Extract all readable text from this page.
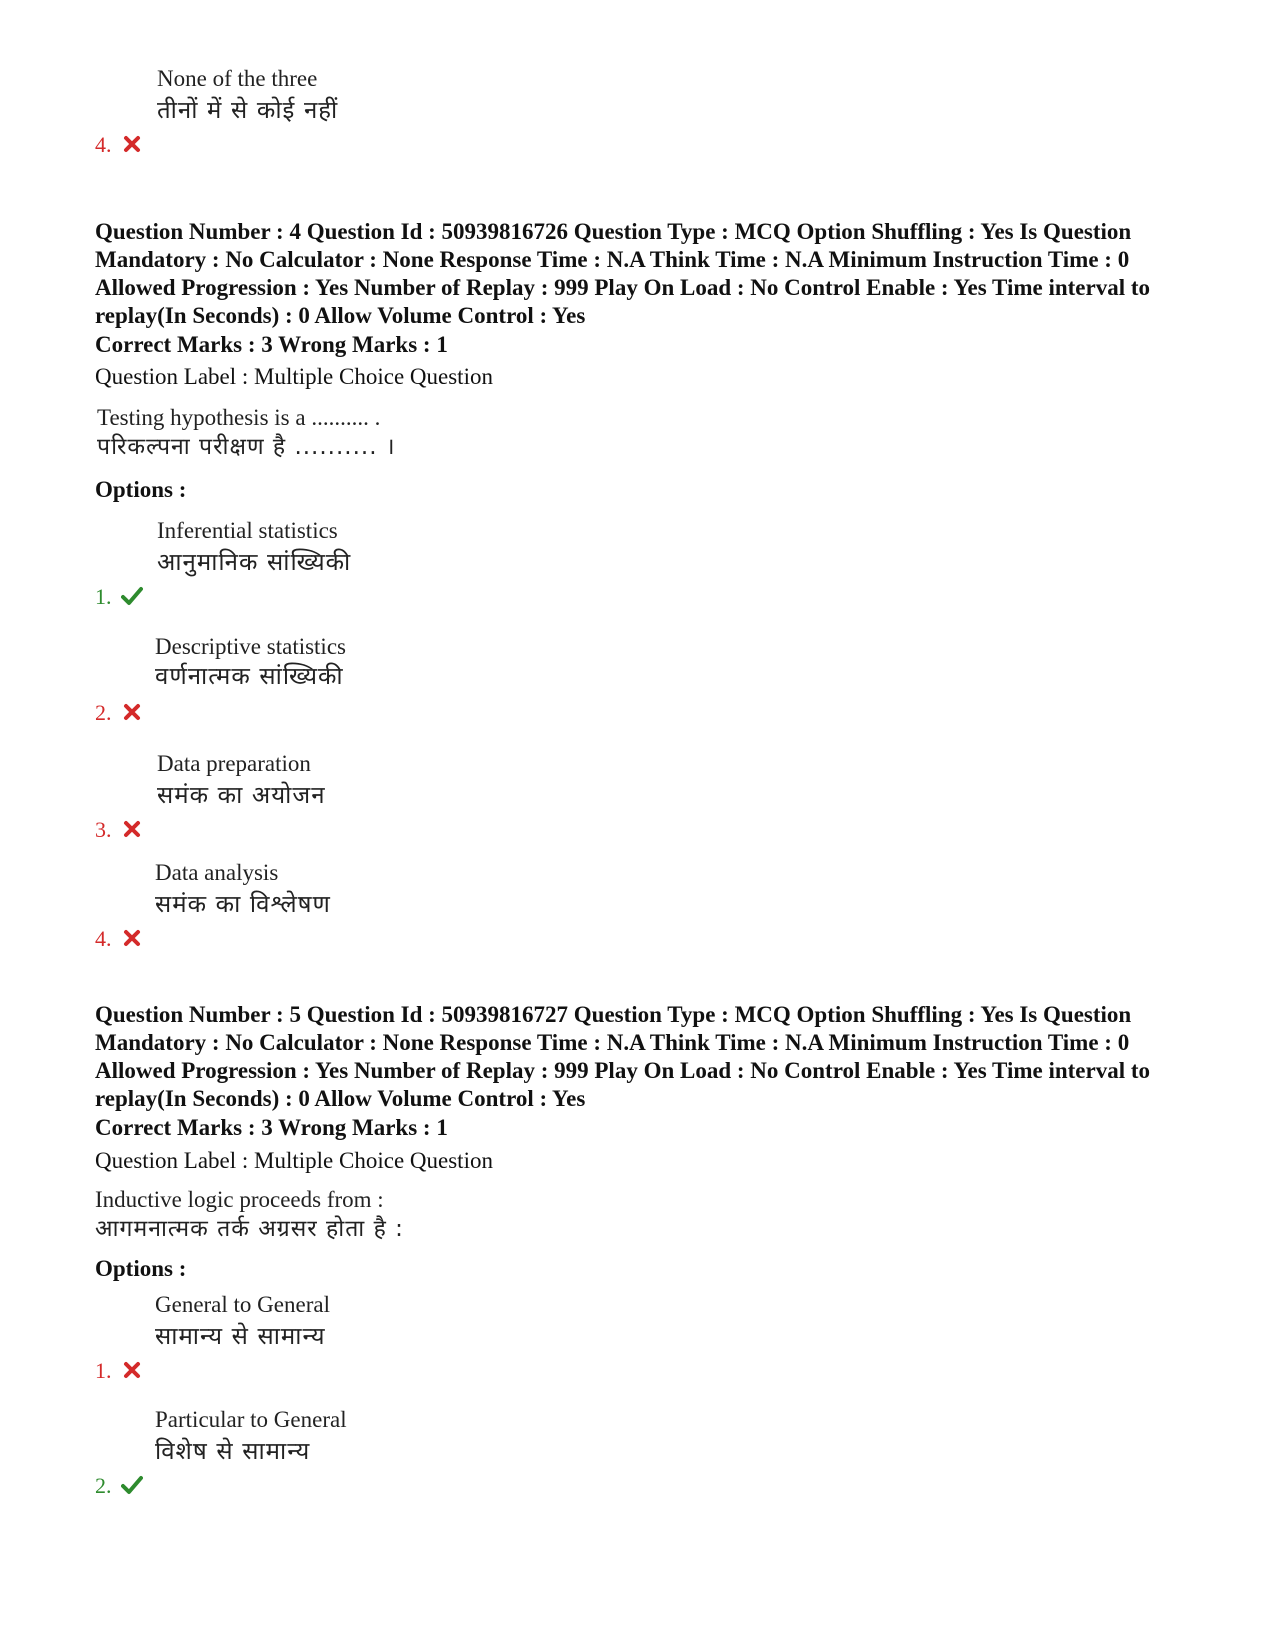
None of the three
तीनों में से कोई नहीं
4.

Question Number : 4 Question Id : 50939816726 Question Type : MCQ Option Shuffling : Yes Is Question Mandatory : No Calculator : None Response Time : N.A Think Time : N.A Minimum Instruction Time : 0 Allowed Progression : Yes Number of Replay : 999 Play On Load : No Control Enable : Yes Time interval to replay(In Seconds) : 0 Allow Volume Control : Yes

Correct Marks : 3 Wrong Marks : 1
Question Label : Multiple Choice Question
Testing hypothesis is a .......... .
परिकल्पना परीक्षण है .......... ।
Options :
Inferential statistics
आनुमानिक सांख्यिकी
1.
Descriptive statistics
वर्णनात्मक सांख्यिकी
2.
Data preparation
समंक का अयोजन
3.
Data analysis
समंक का विश्लेषण
4.

Question Number : 5 Question Id : 50939816727 Question Type : MCQ Option Shuffling : Yes Is Question Mandatory : No Calculator : None Response Time : N.A Think Time : N.A Minimum Instruction Time : 0 Allowed Progression : Yes Number of Replay : 999 Play On Load : No Control Enable : Yes Time interval to replay(In Seconds) : 0 Allow Volume Control : Yes

Correct Marks : 3 Wrong Marks : 1
Question Label : Multiple Choice Question
Inductive logic proceeds from :
आगमनात्मक तर्क अग्रसर होता है :
Options :
General to General
सामान्य से सामान्य
1.
Particular to General
विशेष से सामान्य
2.
